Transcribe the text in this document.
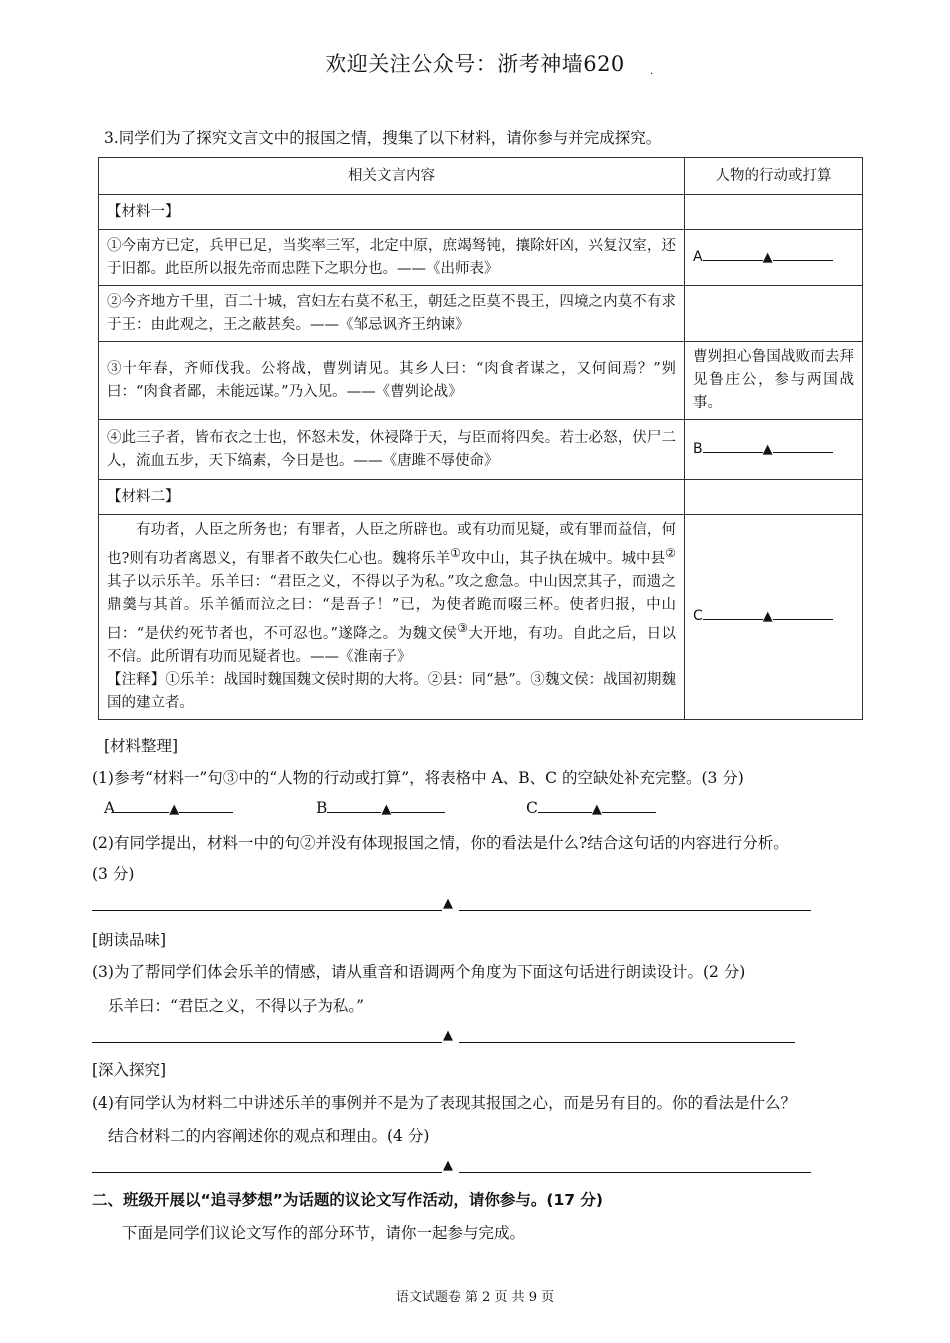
欢迎关注公众号：浙考神墙620	.
3.同学们为了探究文言文中的报国之情，搜集了以下材料，请你参与并完成探究。
相关文言内容	人物的行动或打算
【材料一】	
①今南方已定，兵甲已足，当奖率三军，北定中原，庶竭驽钝，攘除奸凶，兴复汉室，还于旧都。此臣所以报先帝而忠陛下之职分也。——《出师表》	A ▲
②今齐地方千里，百二十城，宫妇左右莫不私王，朝廷之臣莫不畏王，四境之内莫不有求于王：由此观之，王之蔽甚矣。——《邹忌讽齐王纳谏》	
③十年春，齐师伐我。公将战，曹刿请见。其乡人曰：“肉食者谋之，又何间焉？”刿曰：“肉食者鄙，未能远谋。”乃入见。——《曹刿论战》	曹刿担心鲁国战败而去拜见鲁庄公，参与两国战事。
④此三子者，皆布衣之士也，怀怒未发，休祲降于天，与臣而将四矣。若士必怒，伏尸二人，流血五步，天下缟素，今日是也。——《唐雎不辱使命》	B ▲
【材料二】	

有功者，人臣之所务也；有罪者，人臣之所辟也。或有功而见疑，或有罪而益信，何也?则有功者离恩义，有罪者不敢失仁心也。魏将乐羊①攻中山，其子执在城中。城中县②其子以示乐羊。乐羊曰：“君臣之义，不得以子为私。”攻之愈急。中山因烹其子，而遗之鼎羹与其首。乐羊循而泣之曰：“是吾子！”已，为使者跪而啜三杯。使者归报，中山曰：“是伏约死节者也，不可忍也。”遂降之。为魏文侯③大开地，有功。自此之后，日以不信。此所谓有功而见疑者也。——《淮南子》

【注释】①乐羊：战国时魏国魏文侯时期的大将。②县：同“悬”。③魏文侯：战国初期魏国的建立者。	C ▲
[材料整理]
(1)参考“材料一”句③中的“人物的行动或打算”，将表格中 A、B、C 的空缺处补充完整。(3 分)
A	▲	B	▲	C	▲
(2)有同学提出，材料一中的句②并没有体现报国之情，你的看法是什么?结合这句话的内容进行分析。
(3 分)
▲
[朗读品味]
(3)为了帮同学们体会乐羊的情感，请从重音和语调两个角度为下面这句话进行朗读设计。(2 分)
乐羊曰：“君臣之义，不得以子为私。”
▲
[深入探究]
(4)有同学认为材料二中讲述乐羊的事例并不是为了表现其报国之心，而是另有目的。你的看法是什么？
结合材料二的内容阐述你的观点和理由。(4 分)
▲
二、班级开展以“追寻梦想”为话题的议论文写作活动，请你参与。(17 分)
下面是同学们议论文写作的部分环节，请你一起参与完成。
语文试题卷 第 2 页 共 9 页
